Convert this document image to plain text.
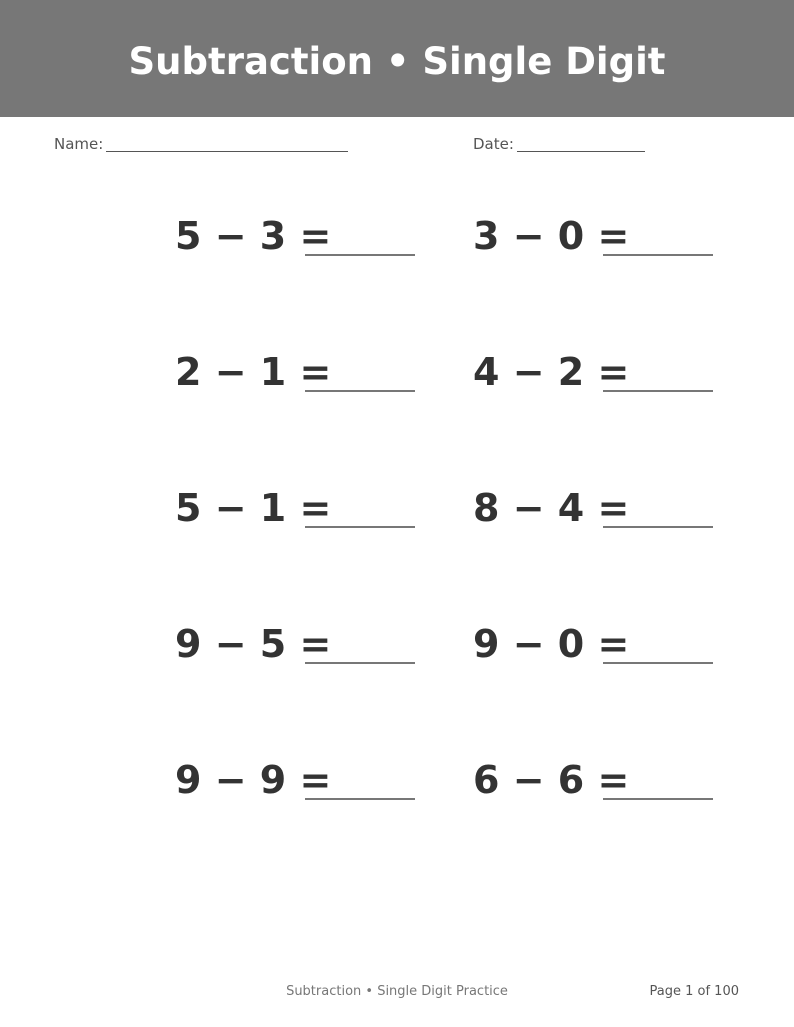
Subtraction • Single Digit
Name:	Date:
5 − 3 =	3 − 0 =
2 − 1 =	4 − 2 =
5 − 1 =	8 − 4 =
9 − 5 =	9 − 0 =
9 − 9 =	6 − 6 =
Subtraction • Single Digit Practice	Page 1 of 100
